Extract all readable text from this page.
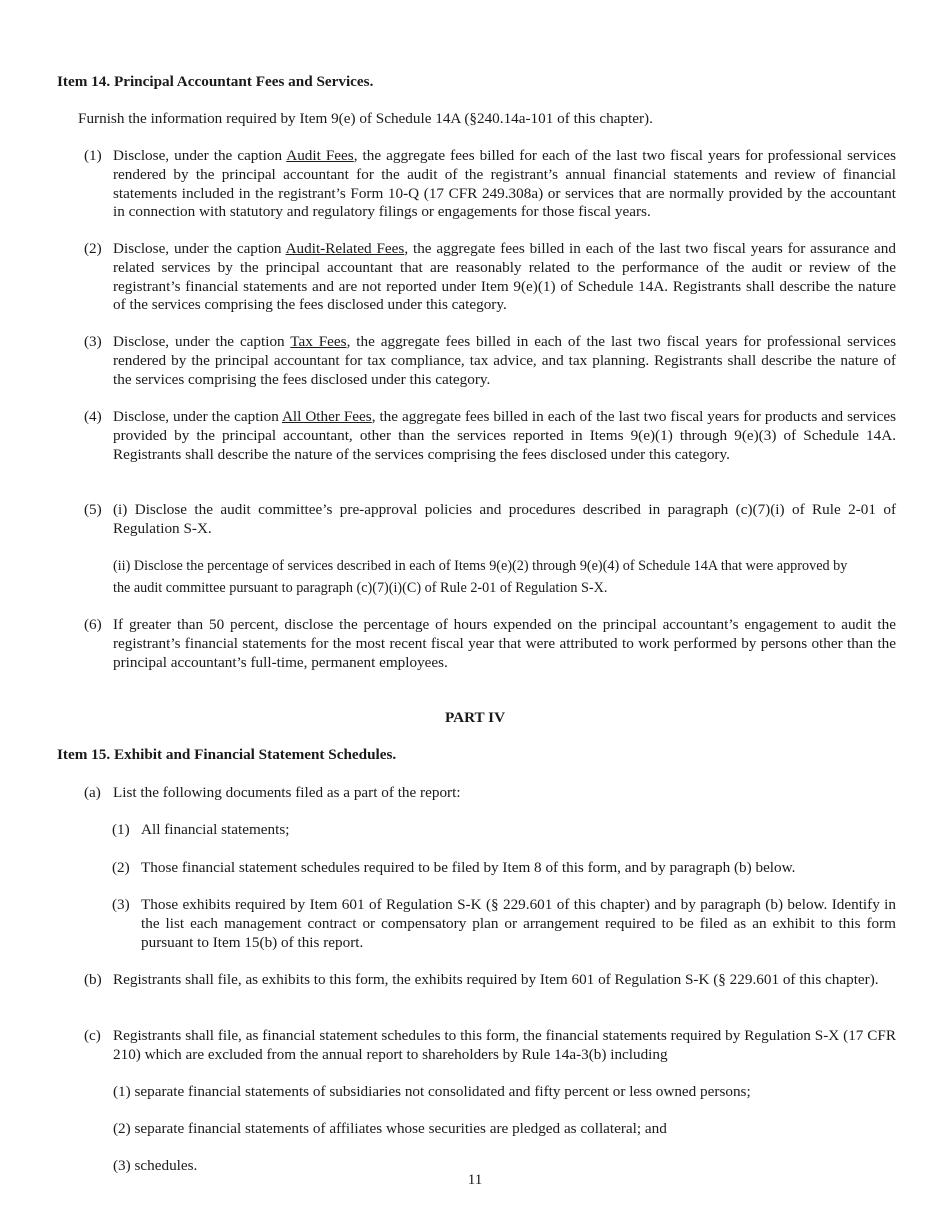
Item 14. Principal Accountant Fees and Services.
Furnish the information required by Item 9(e) of Schedule 14A (§240.14a-101 of this chapter).
(1) Disclose, under the caption Audit Fees, the aggregate fees billed for each of the last two fiscal years for professional services rendered by the principal accountant for the audit of the registrant’s annual financial statements and review of financial statements included in the registrant’s Form 10-Q (17 CFR 249.308a) or services that are normally provided by the accountant in connection with statutory and regulatory filings or engagements for those fiscal years.
(2) Disclose, under the caption Audit-Related Fees, the aggregate fees billed in each of the last two fiscal years for assurance and related services by the principal accountant that are reasonably related to the performance of the audit or review of the registrant’s financial statements and are not reported under Item 9(e)(1) of Schedule 14A. Registrants shall describe the nature of the services comprising the fees disclosed under this category.
(3) Disclose, under the caption Tax Fees, the aggregate fees billed in each of the last two fiscal years for professional services rendered by the principal accountant for tax compliance, tax advice, and tax planning. Registrants shall describe the nature of the services comprising the fees disclosed under this category.
(4) Disclose, under the caption All Other Fees, the aggregate fees billed in each of the last two fiscal years for products and services provided by the principal accountant, other than the services reported in Items 9(e)(1) through 9(e)(3) of Schedule 14A. Registrants shall describe the nature of the services comprising the fees disclosed under this category.
(5) (i) Disclose the audit committee’s pre-approval policies and procedures described in paragraph (c)(7)(i) of Rule 2-01 of Regulation S-X.
(ii) Disclose the percentage of services described in each of Items 9(e)(2) through 9(e)(4) of Schedule 14A that were approved by the audit committee pursuant to paragraph (c)(7)(i)(C) of Rule 2-01 of Regulation S-X.
(6) If greater than 50 percent, disclose the percentage of hours expended on the principal accountant’s engagement to audit the registrant’s financial statements for the most recent fiscal year that were attributed to work performed by persons other than the principal accountant’s full-time, permanent employees.
PART IV
Item 15. Exhibit and Financial Statement Schedules.
(a) List the following documents filed as a part of the report:
(1) All financial statements;
(2) Those financial statement schedules required to be filed by Item 8 of this form, and by paragraph (b) below.
(3) Those exhibits required by Item 601 of Regulation S-K (§ 229.601 of this chapter) and by paragraph (b) below. Identify in the list each management contract or compensatory plan or arrangement required to be filed as an exhibit to this form pursuant to Item 15(b) of this report.
(b) Registrants shall file, as exhibits to this form, the exhibits required by Item 601 of Regulation S-K (§ 229.601 of this chapter).
(c) Registrants shall file, as financial statement schedules to this form, the financial statements required by Regulation S-X (17 CFR 210) which are excluded from the annual report to shareholders by Rule 14a-3(b) including
(1) separate financial statements of subsidiaries not consolidated and fifty percent or less owned persons;
(2) separate financial statements of affiliates whose securities are pledged as collateral; and
(3) schedules.
11
